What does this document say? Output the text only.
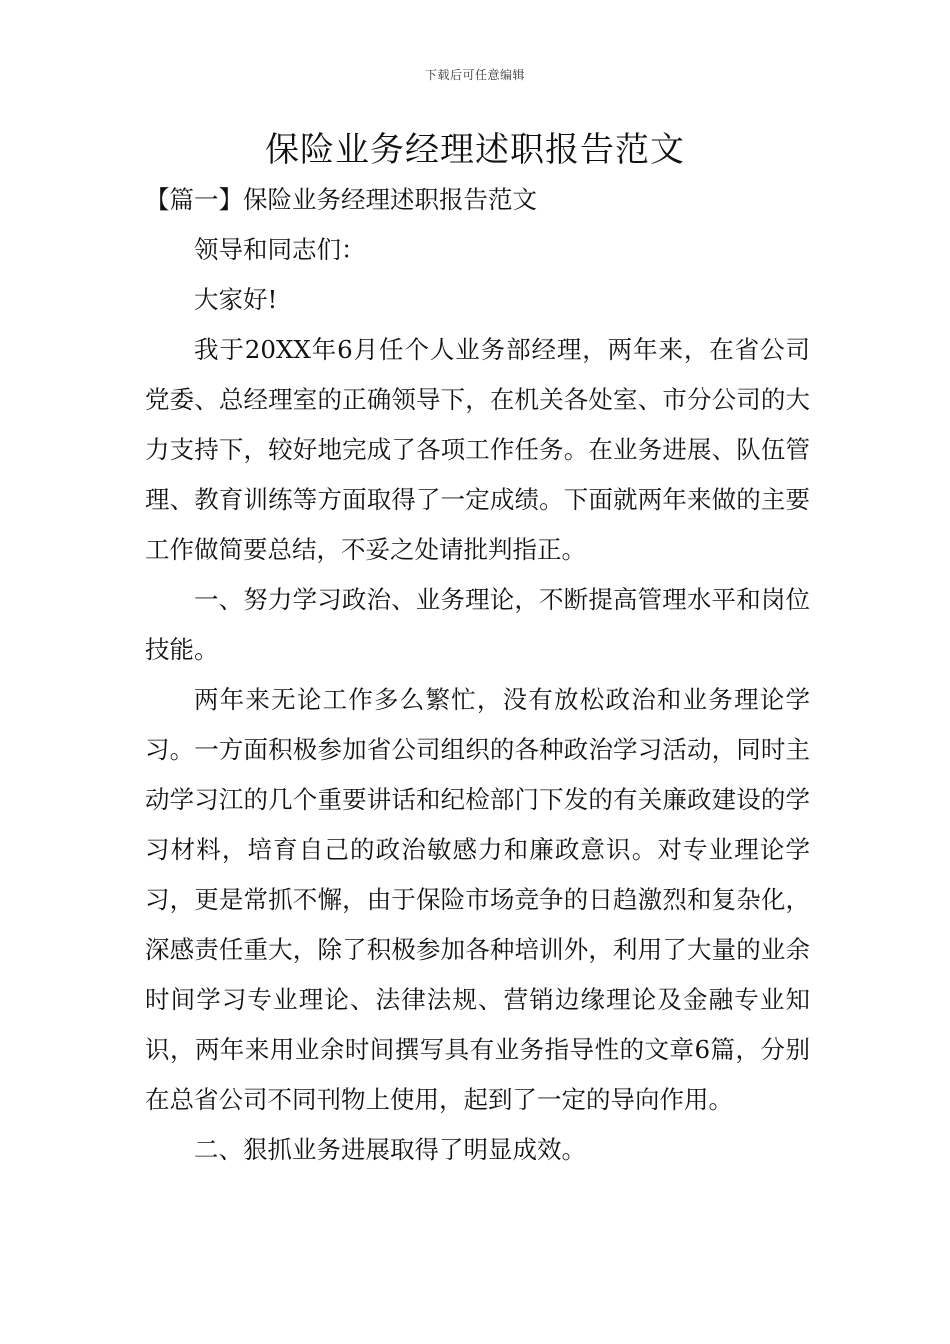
下载后可任意编辑
保险业务经理述职报告范文
【篇一】保险业务经理述职报告范文

领导和同志们：

大家好!

我于20XX年6月任个人业务部经理，两年来，在省公司党委、总经理室的正确领导下，在机关各处室、市分公司的大力支持下，较好地完成了各项工作任务。在业务进展、队伍管理、教育训练等方面取得了一定成绩。下面就两年来做的主要工作做简要总结，不妥之处请批判指正。

一、努力学习政治、业务理论，不断提高管理水平和岗位技能。

两年来无论工作多么繁忙，没有放松政治和业务理论学习。一方面积极参加省公司组织的各种政治学习活动，同时主动学习江的几个重要讲话和纪检部门下发的有关廉政建设的学习材料，培育自己的政治敏感力和廉政意识。对专业理论学习，更是常抓不懈，由于保险市场竞争的日趋激烈和复杂化，深感责任重大，除了积极参加各种培训外，利用了大量的业余时间学习专业理论、法律法规、营销边缘理论及金融专业知识，两年来用业余时间撰写具有业务指导性的文章6篇，分别在总省公司不同刊物上使用，起到了一定的导向作用。

二、狠抓业务进展取得了明显成效。
